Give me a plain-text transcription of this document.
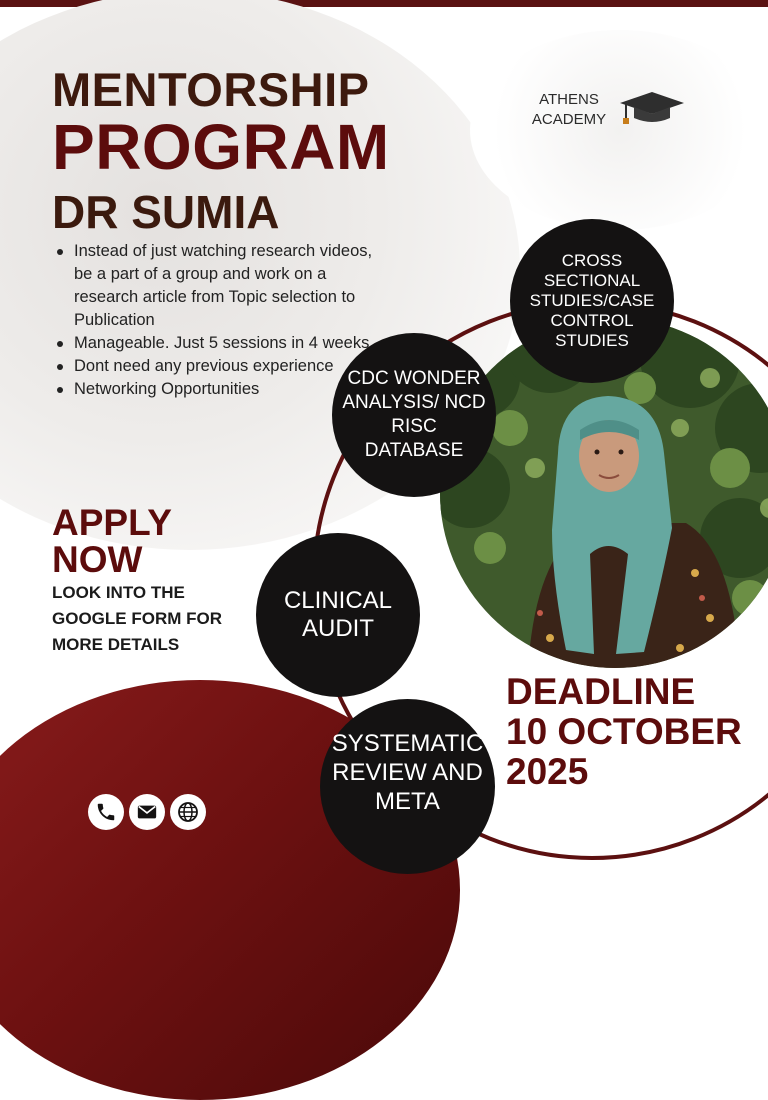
MENTORSHIP
PROGRAM
DR SUMIA
ATHENS
ACADEMY
Instead of just watching research videos, be a part of a group and work on a research article from Topic selection to Publication
Manageable. Just 5 sessions in 4 weeks
Dont need any previous experience
Networking Opportunities
APPLY
NOW

LOOK INTO THE GOOGLE FORM FOR MORE DETAILS

CROSS SECTIONAL STUDIES/CASE CONTROL STUDIES
CDC WONDER ANALYSIS/ NCD RISC DATABASE
CLINICAL AUDIT
SYSTEMATIC REVIEW AND META
DEADLINE
10 OCTOBER
2025
